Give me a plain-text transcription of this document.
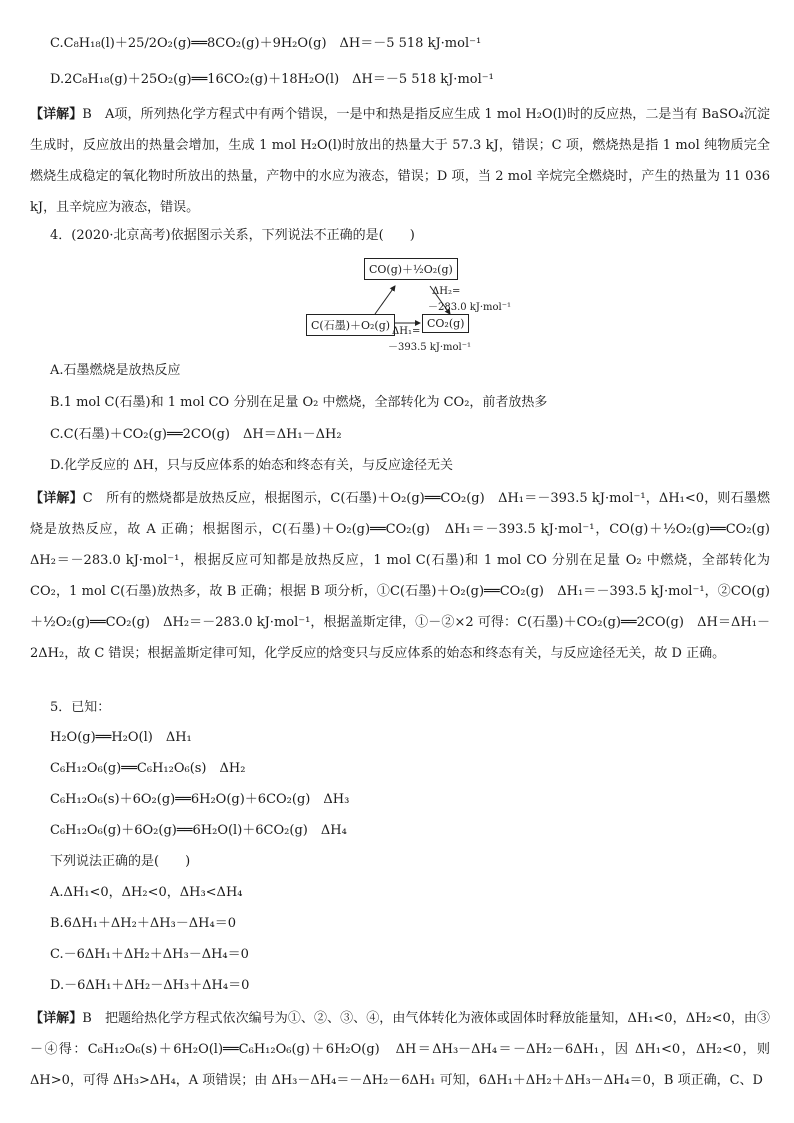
C.C₈H₁₈(l)＋25/2O₂(g)══8CO₂(g)＋9H₂O(g)　ΔH＝－5 518 kJ·mol⁻¹
D.2C₈H₁₈(g)＋25O₂(g)══16CO₂(g)＋18H₂O(l)　ΔH＝－5 518 kJ·mol⁻¹
【详解】B　A项，所列热化学方程式中有两个错误，一是中和热是指反应生成 1 mol H₂O(l)时的反应热，二是当有 BaSO₄沉淀生成时，反应放出的热量会增加，生成 1 mol H₂O(l)时放出的热量大于 57.3 kJ，错误；C 项，燃烧热是指 1 mol 纯物质完全燃烧生成稳定的氧化物时所放出的热量，产物中的水应为液态，错误；D 项，当 2 mol 辛烷完全燃烧时，产生的热量为 11 036 kJ，且辛烷应为液态，错误。
4．(2020·北京高考)依据图示关系，下列说法不正确的是(　　)
CO(g)＋½O₂(g)
C(石墨)＋O₂(g)	CO₂(g)
ΔH₂=
－283.0 kJ·mol⁻¹
ΔH₁=
－393.5 kJ·mol⁻¹
A.石墨燃烧是放热反应
B.1 mol C(石墨)和 1 mol CO 分别在足量 O₂ 中燃烧，全部转化为 CO₂，前者放热多
C.C(石墨)＋CO₂(g)══2CO(g)　ΔH＝ΔH₁－ΔH₂
D.化学反应的 ΔH，只与反应体系的始态和终态有关，与反应途径无关
【详解】C　所有的燃烧都是放热反应，根据图示，C(石墨)＋O₂(g)══CO₂(g)　ΔH₁＝－393.5 kJ·mol⁻¹，ΔH₁<0，则石墨燃烧是放热反应，故 A 正确；根据图示，C(石墨)＋O₂(g)══CO₂(g)　ΔH₁＝－393.5 kJ·mol⁻¹，CO(g)＋½O₂(g)══CO₂(g)　ΔH₂＝－283.0 kJ·mol⁻¹，根据反应可知都是放热反应，1 mol C(石墨)和 1 mol CO 分别在足量 O₂ 中燃烧，全部转化为 CO₂，1 mol C(石墨)放热多，故 B 正确；根据 B 项分析，①C(石墨)＋O₂(g)══CO₂(g)　ΔH₁＝－393.5 kJ·mol⁻¹，②CO(g)＋½O₂(g)══CO₂(g)　ΔH₂＝－283.0 kJ·mol⁻¹，根据盖斯定律，①－②×2 可得：C(石墨)＋CO₂(g)══2CO(g)　ΔH＝ΔH₁－2ΔH₂，故 C 错误；根据盖斯定律可知，化学反应的焓变只与反应体系的始态和终态有关，与反应途径无关，故 D 正确。
5．已知：
H₂O(g)══H₂O(l)　ΔH₁
C₆H₁₂O₆(g)══C₆H₁₂O₆(s)　ΔH₂
C₆H₁₂O₆(s)＋6O₂(g)══6H₂O(g)＋6CO₂(g)　ΔH₃
C₆H₁₂O₆(g)＋6O₂(g)══6H₂O(l)＋6CO₂(g)　ΔH₄
下列说法正确的是(　　)
A.ΔH₁<0，ΔH₂<0，ΔH₃<ΔH₄
B.6ΔH₁＋ΔH₂＋ΔH₃－ΔH₄＝0
C.－6ΔH₁＋ΔH₂＋ΔH₃－ΔH₄＝0
D.－6ΔH₁＋ΔH₂－ΔH₃＋ΔH₄＝0
【详解】B　把题给热化学方程式依次编号为①、②、③、④，由气体转化为液体或固体时释放能量知，ΔH₁<0，ΔH₂<0，由③－④得：C₆H₁₂O₆(s)＋6H₂O(l)══C₆H₁₂O₆(g)＋6H₂O(g)　ΔH＝ΔH₃－ΔH₄＝－ΔH₂－6ΔH₁，因 ΔH₁<0，ΔH₂<0，则 ΔH>0，可得 ΔH₃>ΔH₄，A 项错误；由 ΔH₃－ΔH₄＝－ΔH₂－6ΔH₁ 可知，6ΔH₁＋ΔH₂＋ΔH₃－ΔH₄＝0，B 项正确，C、D
